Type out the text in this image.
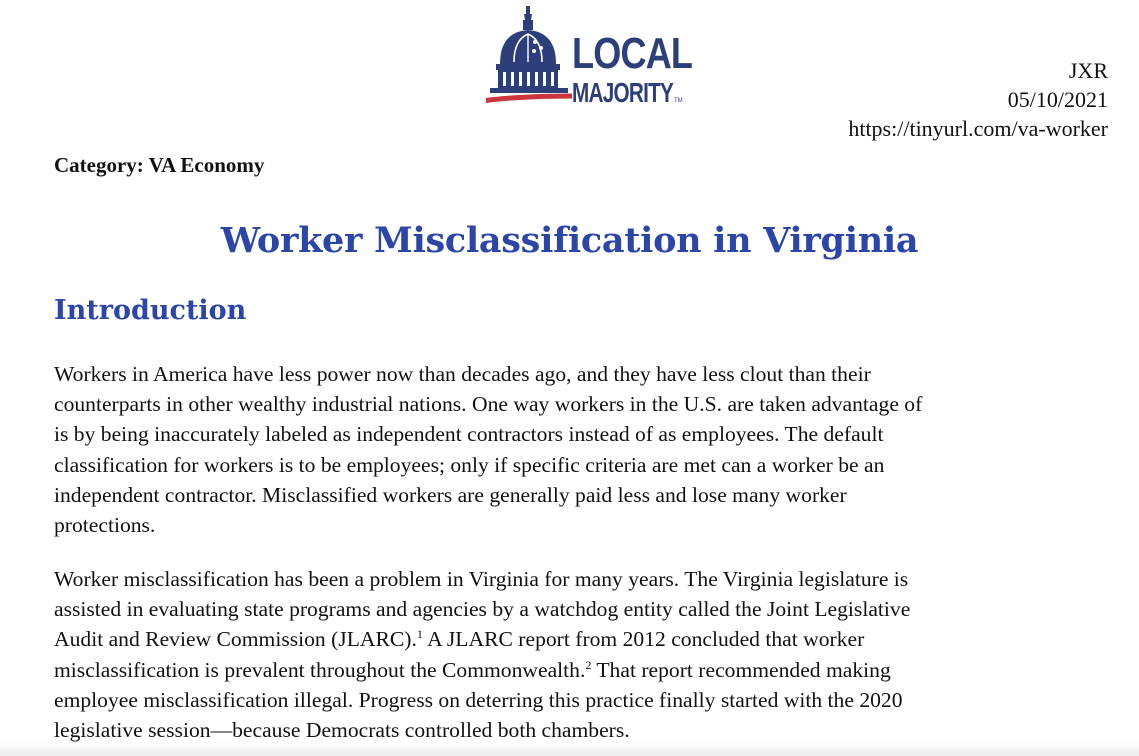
LOCAL
MAJORITY TM
JXR
05/10/2021
https://tinyurl.com/va-worker
Category: VA Economy
Worker Misclassification in Virginia
Introduction
Workers in America have less power now than decades ago, and they have less clout than their
counterparts in other wealthy industrial nations. One way workers in the U.S. are taken advantage of
is by being inaccurately labeled as independent contractors instead of as employees. The default
classification for workers is to be employees; only if specific criteria are met can a worker be an
independent contractor. Misclassified workers are generally paid less and lose many worker
protections.
Worker misclassification has been a problem in Virginia for many years. The Virginia legislature is
assisted in evaluating state programs and agencies by a watchdog entity called the Joint Legislative
Audit and Review Commission (JLARC).$^1$ A JLARC report from 2012 concluded that worker
misclassification is prevalent throughout the Commonwealth.$^2$ That report recommended making
employee misclassification illegal. Progress on deterring this practice finally started with the 2020
legislative session—because Democrats controlled both chambers.
